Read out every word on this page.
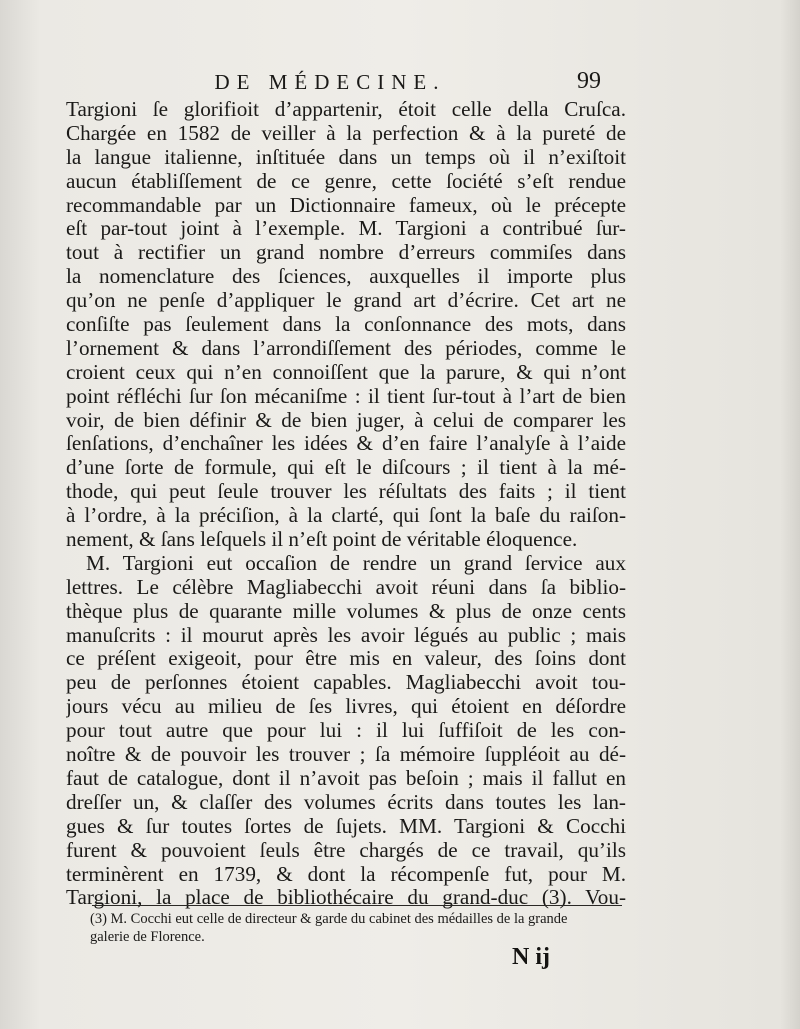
DE MÉDECINE.	99
Targioni ſe glorifioit d’appartenir, étoit celle della Cruſca.
Chargée en 1582 de veiller à la perfection & à la pureté de
la langue italienne, inſtituée dans un temps où il n’exiſtoit
aucun établiſſement de ce genre, cette ſociété s’eſt rendue
recommandable par un Dictionnaire fameux, où le précepte
eſt par-tout joint à l’exemple. M. Targioni a contribué ſur-
tout à rectifier un grand nombre d’erreurs commiſes dans
la nomenclature des ſciences, auxquelles il importe plus
qu’on ne penſe d’appliquer le grand art d’écrire. Cet art ne
conſiſte pas ſeulement dans la conſonnance des mots, dans
l’ornement & dans l’arrondiſſement des périodes, comme le
croient ceux qui n’en connoiſſent que la parure, & qui n’ont
point réfléchi ſur ſon mécaniſme : il tient ſur-tout à l’art de bien
voir, de bien définir & de bien juger, à celui de comparer les
ſenſations, d’enchaîner les idées & d’en faire l’analyſe à l’aide
d’une ſorte de formule, qui eſt le diſcours ; il tient à la mé-
thode, qui peut ſeule trouver les réſultats des faits ; il tient
à l’ordre, à la préciſion, à la clarté, qui ſont la baſe du raiſon-
nement, & ſans leſquels il n’eſt point de véritable éloquence.
M. Targioni eut occaſion de rendre un grand ſervice aux
lettres. Le célèbre Magliabecchi avoit réuni dans ſa biblio-
thèque plus de quarante mille volumes & plus de onze cents
manuſcrits : il mourut après les avoir légués au public ; mais
ce préſent exigeoit, pour être mis en valeur, des ſoins dont
peu de perſonnes étoient capables. Magliabecchi avoit tou-
jours vécu au milieu de ſes livres, qui étoient en déſordre
pour tout autre que pour lui : il lui ſuffiſoit de les con-
noître & de pouvoir les trouver ; ſa mémoire ſuppléoit au dé-
faut de catalogue, dont il n’avoit pas beſoin ; mais il fallut en
dreſſer un, & claſſer des volumes écrits dans toutes les lan-
gues & ſur toutes ſortes de ſujets. MM. Targioni & Cocchi
furent & pouvoient ſeuls être chargés de ce travail, qu’ils
terminèrent en 1739, & dont la récompenſe fut, pour M.
Targioni, la place de bibliothécaire du grand-duc (3). Vou-
(3) M. Cocchi eut celle de directeur & garde du cabinet des médailles de la grande
galerie de Florence.
N ij
